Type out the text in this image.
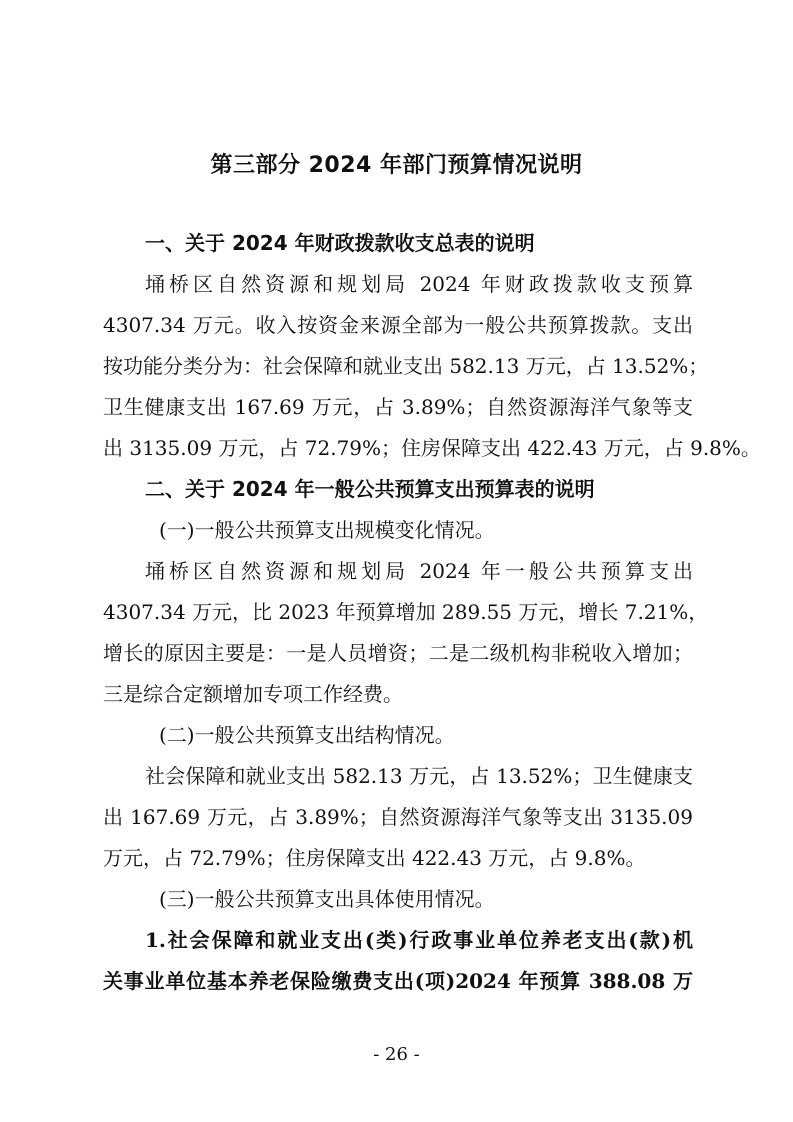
第三部分 2024 年部门预算情况说明
一、关于 2024 年财政拨款收支总表的说明
埇桥区自然资源和规划局 2024 年财政拨款收支预算
4307.34 万元。收入按资金来源全部为一般公共预算拨款。支出
按功能分类分为：社会保障和就业支出 582.13 万元，占 13.52%；
卫生健康支出 167.69 万元，占 3.89%；自然资源海洋气象等支
出 3135.09 万元，占 72.79%；住房保障支出 422.43 万元，占 9.8%。
二、关于 2024 年一般公共预算支出预算表的说明
(一)一般公共预算支出规模变化情况。
埇桥区自然资源和规划局 2024 年一般公共预算支出
4307.34 万元，比 2023 年预算增加 289.55 万元，增长 7.21%，
增长的原因主要是：一是人员增资；二是二级机构非税收入增加；
三是综合定额增加专项工作经费。
(二)一般公共预算支出结构情况。
社会保障和就业支出 582.13 万元，占 13.52%；卫生健康支
出 167.69 万元，占 3.89%；自然资源海洋气象等支出 3135.09
万元，占 72.79%；住房保障支出 422.43 万元，占 9.8%。
(三)一般公共预算支出具体使用情况。
1.社会保障和就业支出(类)行政事业单位养老支出(款)机
关事业单位基本养老保险缴费支出(项)2024 年预算 388.08 万
- 26 -
